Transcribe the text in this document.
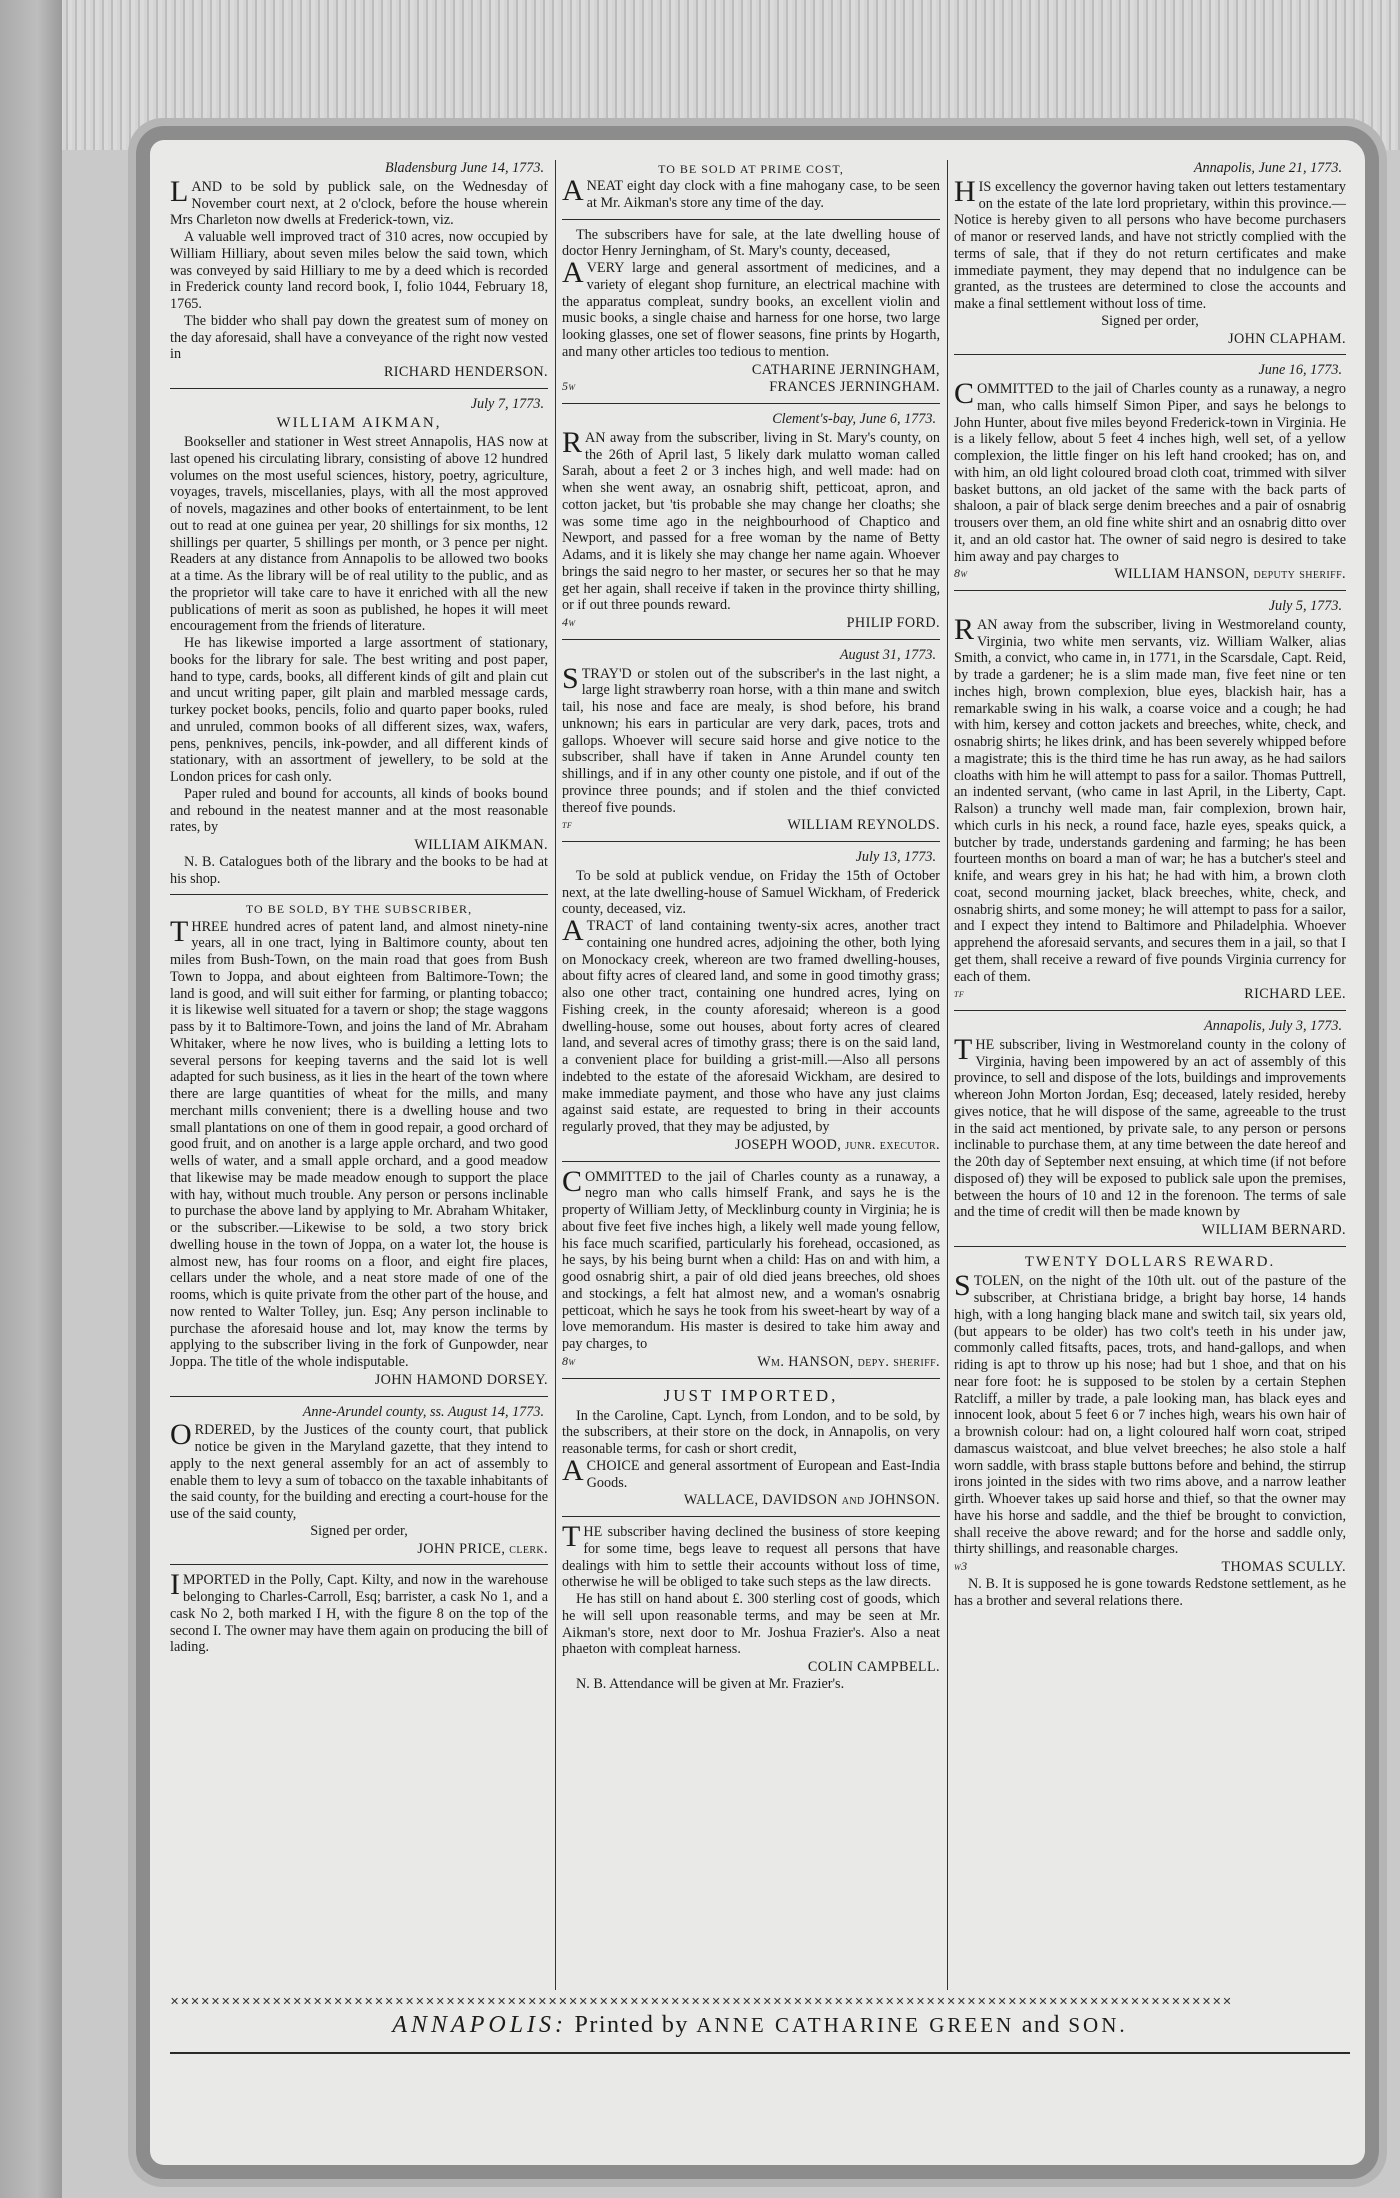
Bladensburg June 14, 1773.

LAND to be sold by publick sale, on the Wednesday of November court next, at 2 o'clock, before the house wherein Mrs Charleton now dwells at Frederick-town, viz.

A valuable well improved tract of 310 acres, now occupied by William Hilliary, about seven miles below the said town, which was conveyed by said Hilliary to me by a deed which is recorded in Frederick county land record book, I, folio 1044, February 18, 1765.

The bidder who shall pay down the greatest sum of money on the day aforesaid, shall have a conveyance of the right now vested in

RICHARD HENDERSON.
July 7, 1773.
WILLIAM AIKMAN,

Bookseller and stationer in West street Annapolis, HAS now at last opened his circulating library, consisting of above 12 hundred volumes on the most useful sciences, history, poetry, agriculture, voyages, travels, miscellanies, plays, with all the most approved of novels, magazines and other books of entertainment, to be lent out to read at one guinea per year, 20 shillings for six months, 12 shillings per quarter, 5 shillings per month, or 3 pence per night. Readers at any distance from Annapolis to be allowed two books at a time. As the library will be of real utility to the public, and as the proprietor will take care to have it enriched with all the new publications of merit as soon as published, he hopes it will meet encouragement from the friends of literature.

He has likewise imported a large assortment of stationary, books for the library for sale. The best writing and post paper, hand to type, cards, books, all different kinds of gilt and plain cut and uncut writing paper, gilt plain and marbled message cards, turkey pocket books, pencils, folio and quarto paper books, ruled and unruled, common books of all different sizes, wax, wafers, pens, penknives, pencils, ink-powder, and all different kinds of stationary, with an assortment of jewellery, to be sold at the London prices for cash only.

Paper ruled and bound for accounts, all kinds of books bound and rebound in the neatest manner and at the most reasonable rates, by

WILLIAM AIKMAN.

N. B. Catalogues both of the library and the books to be had at his shop.

TO BE SOLD, BY THE SUBSCRIBER,

THREE hundred acres of patent land, and almost ninety-nine years, all in one tract, lying in Baltimore county, about ten miles from Bush-Town, on the main road that goes from Bush Town to Joppa, and about eighteen from Baltimore-Town; the land is good, and will suit either for farming, or planting tobacco; it is likewise well situated for a tavern or shop; the stage waggons pass by it to Baltimore-Town, and joins the land of Mr. Abraham Whitaker, where he now lives, who is building a letting lots to several persons for keeping taverns and the said lot is well adapted for such business, as it lies in the heart of the town where there are large quantities of wheat for the mills, and many merchant mills convenient; there is a dwelling house and two small plantations on one of them in good repair, a good orchard of good fruit, and on another is a large apple orchard, and two good wells of water, and a small apple orchard, and a good meadow that likewise may be made meadow enough to support the place with hay, without much trouble. Any person or persons inclinable to purchase the above land by applying to Mr. Abraham Whitaker, or the subscriber.—Likewise to be sold, a two story brick dwelling house in the town of Joppa, on a water lot, the house is almost new, has four rooms on a floor, and eight fire places, cellars under the whole, and a neat store made of one of the rooms, which is quite private from the other part of the house, and now rented to Walter Tolley, jun. Esq; Any person inclinable to purchase the aforesaid house and lot, may know the terms by applying to the subscriber living in the fork of Gunpowder, near Joppa. The title of the whole indisputable.

JOHN HAMOND DORSEY.
Anne-Arundel county, ss. August 14, 1773.

ORDERED, by the Justices of the county court, that publick notice be given in the Maryland gazette, that they intend to apply to the next general assembly for an act of assembly to enable them to levy a sum of tobacco on the taxable inhabitants of the said county, for the building and erecting a court-house for the use of the said county,

Signed per order,
JOHN PRICE, clerk.

IMPORTED in the Polly, Capt. Kilty, and now in the warehouse belonging to Charles-Carroll, Esq; barrister, a cask No 1, and a cask No 2, both marked I H, with the figure 8 on the top of the second I. The owner may have them again on producing the bill of lading.

TO BE SOLD AT PRIME COST,

ANEAT eight day clock with a fine mahogany case, to be seen at Mr. Aikman's store any time of the day.

The subscribers have for sale, at the late dwelling house of doctor Henry Jerningham, of St. Mary's county, deceased,

AVERY large and general assortment of medicines, and a variety of elegant shop furniture, an electrical machine with the apparatus compleat, sundry books, an excellent violin and music books, a single chaise and harness for one horse, two large looking glasses, one set of flower seasons, fine prints by Hogarth, and many other articles too tedious to mention.

CATHARINE JERNINGHAM,
5w	FRANCES JERNINGHAM.
Clement's-bay, June 6, 1773.

RAN away from the subscriber, living in St. Mary's county, on the 26th of April last, 5 likely dark mulatto woman called Sarah, about a feet 2 or 3 inches high, and well made: had on when she went away, an osnabrig shift, petticoat, apron, and cotton jacket, but 'tis probable she may change her cloaths; she was some time ago in the neighbourhood of Chaptico and Newport, and passed for a free woman by the name of Betty Adams, and it is likely she may change her name again. Whoever brings the said negro to her master, or secures her so that he may get her again, shall receive if taken in the province thirty shilling, or if out three pounds reward.

4w	PHILIP FORD.
August 31, 1773.

STRAY'D or stolen out of the subscriber's in the last night, a large light strawberry roan horse, with a thin mane and switch tail, his nose and face are mealy, is shod before, his brand unknown; his ears in particular are very dark, paces, trots and gallops. Whoever will secure said horse and give notice to the subscriber, shall have if taken in Anne Arundel county ten shillings, and if in any other county one pistole, and if out of the province three pounds; and if stolen and the thief convicted thereof five pounds.

tf	WILLIAM REYNOLDS.
July 13, 1773.

To be sold at publick vendue, on Friday the 15th of October next, at the late dwelling-house of Samuel Wickham, of Frederick county, deceased, viz.

ATRACT of land containing twenty-six acres, another tract containing one hundred acres, adjoining the other, both lying on Monockacy creek, whereon are two framed dwelling-houses, about fifty acres of cleared land, and some in good timothy grass; also one other tract, containing one hundred acres, lying on Fishing creek, in the county aforesaid; whereon is a good dwelling-house, some out houses, about forty acres of cleared land, and several acres of timothy grass; there is on the said land, a convenient place for building a grist-mill.—Also all persons indebted to the estate of the aforesaid Wickham, are desired to make immediate payment, and those who have any just claims against said estate, are requested to bring in their accounts regularly proved, that they may be adjusted, by

JOSEPH WOOD, junr. executor.

COMMITTED to the jail of Charles county as a runaway, a negro man who calls himself Frank, and says he is the property of William Jetty, of Mecklinburg county in Virginia; he is about five feet five inches high, a likely well made young fellow, his face much scarified, particularly his forehead, occasioned, as he says, by his being burnt when a child: Has on and with him, a good osnabrig shirt, a pair of old died jeans breeches, old shoes and stockings, a felt hat almost new, and a woman's osnabrig petticoat, which he says he took from his sweet-heart by way of a love memorandum. His master is desired to take him away and pay charges, to

8w	Wm. HANSON, depy. sheriff.
JUST IMPORTED,

In the Caroline, Capt. Lynch, from London, and to be sold, by the subscribers, at their store on the dock, in Annapolis, on very reasonable terms, for cash or short credit,

ACHOICE and general assortment of European and East-India Goods.

WALLACE, DAVIDSON and JOHNSON.

THE subscriber having declined the business of store keeping for some time, begs leave to request all persons that have dealings with him to settle their accounts without loss of time, otherwise he will be obliged to take such steps as the law directs.

He has still on hand about £. 300 sterling cost of goods, which he will sell upon reasonable terms, and may be seen at Mr. Aikman's store, next door to Mr. Joshua Frazier's. Also a neat phaeton with compleat harness.

COLIN CAMPBELL.

N. B. Attendance will be given at Mr. Frazier's.

Annapolis, June 21, 1773.

HIS excellency the governor having taken out letters testamentary on the estate of the late lord proprietary, within this province.—Notice is hereby given to all persons who have become purchasers of manor or reserved lands, and have not strictly complied with the terms of sale, that if they do not return certificates and make immediate payment, they may depend that no indulgence can be granted, as the trustees are determined to close the accounts and make a final settlement without loss of time.

Signed per order,
JOHN CLAPHAM.
June 16, 1773.

COMMITTED to the jail of Charles county as a runaway, a negro man, who calls himself Simon Piper, and says he belongs to John Hunter, about five miles beyond Frederick-town in Virginia. He is a likely fellow, about 5 feet 4 inches high, well set, of a yellow complexion, the little finger on his left hand crooked; has on, and with him, an old light coloured broad cloth coat, trimmed with silver basket buttons, an old jacket of the same with the back parts of shaloon, a pair of black serge denim breeches and a pair of osnabrig trousers over them, an old fine white shirt and an osnabrig ditto over it, and an old castor hat. The owner of said negro is desired to take him away and pay charges to

8w	WILLIAM HANSON, deputy sheriff.
July 5, 1773.

RAN away from the subscriber, living in Westmoreland county, Virginia, two white men servants, viz. William Walker, alias Smith, a convict, who came in, in 1771, in the Scarsdale, Capt. Reid, by trade a gardener; he is a slim made man, five feet nine or ten inches high, brown complexion, blue eyes, blackish hair, has a remarkable swing in his walk, a coarse voice and a cough; he had with him, kersey and cotton jackets and breeches, white, check, and osnabrig shirts; he likes drink, and has been severely whipped before a magistrate; this is the third time he has run away, as he had sailors cloaths with him he will attempt to pass for a sailor. Thomas Puttrell, an indented servant, (who came in last April, in the Liberty, Capt. Ralson) a trunchy well made man, fair complexion, brown hair, which curls in his neck, a round face, hazle eyes, speaks quick, a butcher by trade, understands gardening and farming; he has been fourteen months on board a man of war; he has a butcher's steel and knife, and wears grey in his hat; he had with him, a brown cloth coat, second mourning jacket, black breeches, white, check, and osnabrig shirts, and some money; he will attempt to pass for a sailor, and I expect they intend to Baltimore and Philadelphia. Whoever apprehend the aforesaid servants, and secures them in a jail, so that I get them, shall receive a reward of five pounds Virginia currency for each of them.

tf	RICHARD LEE.
Annapolis, July 3, 1773.

THE subscriber, living in Westmoreland county in the colony of Virginia, having been impowered by an act of assembly of this province, to sell and dispose of the lots, buildings and improvements whereon John Morton Jordan, Esq; deceased, lately resided, hereby gives notice, that he will dispose of the same, agreeable to the trust in the said act mentioned, by private sale, to any person or persons inclinable to purchase them, at any time between the date hereof and the 20th day of September next ensuing, at which time (if not before disposed of) they will be exposed to publick sale upon the premises, between the hours of 10 and 12 in the forenoon. The terms of sale and the time of credit will then be made known by

WILLIAM BERNARD.
TWENTY DOLLARS REWARD.

STOLEN, on the night of the 10th ult. out of the pasture of the subscriber, at Christiana bridge, a bright bay horse, 14 hands high, with a long hanging black mane and switch tail, six years old, (but appears to be older) has two colt's teeth in his under jaw, commonly called fitsafts, paces, trots, and hand-gallops, and when riding is apt to throw up his nose; had but 1 shoe, and that on his near fore foot: he is supposed to be stolen by a certain Stephen Ratcliff, a miller by trade, a pale looking man, has black eyes and innocent look, about 5 feet 6 or 7 inches high, wears his own hair of a brownish colour: had on, a light coloured half worn coat, striped damascus waistcoat, and blue velvet breeches; he also stole a half worn saddle, with brass staple buttons before and behind, the stirrup irons jointed in the sides with two rims above, and a narrow leather girth. Whoever takes up said horse and thief, so that the owner may have his horse and saddle, and the thief be brought to conviction, shall receive the above reward; and for the horse and saddle only, thirty shillings, and reasonable charges.

w3	THOMAS SCULLY.

N. B. It is supposed he is gone towards Redstone settlement, as he has a brother and several relations there.

✕✕✕✕✕✕✕✕✕✕✕✕✕✕✕✕✕✕✕✕✕✕✕✕✕✕✕✕✕✕✕✕✕✕✕✕✕✕✕✕✕✕✕✕✕✕✕✕✕✕✕✕✕✕✕✕✕✕✕✕✕✕✕✕✕✕✕✕✕✕✕✕✕✕✕✕✕✕✕✕✕✕✕✕✕✕✕✕✕✕✕✕✕✕✕✕✕✕✕✕✕✕✕✕
ANNAPOLIS: Printed by ANNE CATHARINE GREEN and SON.
